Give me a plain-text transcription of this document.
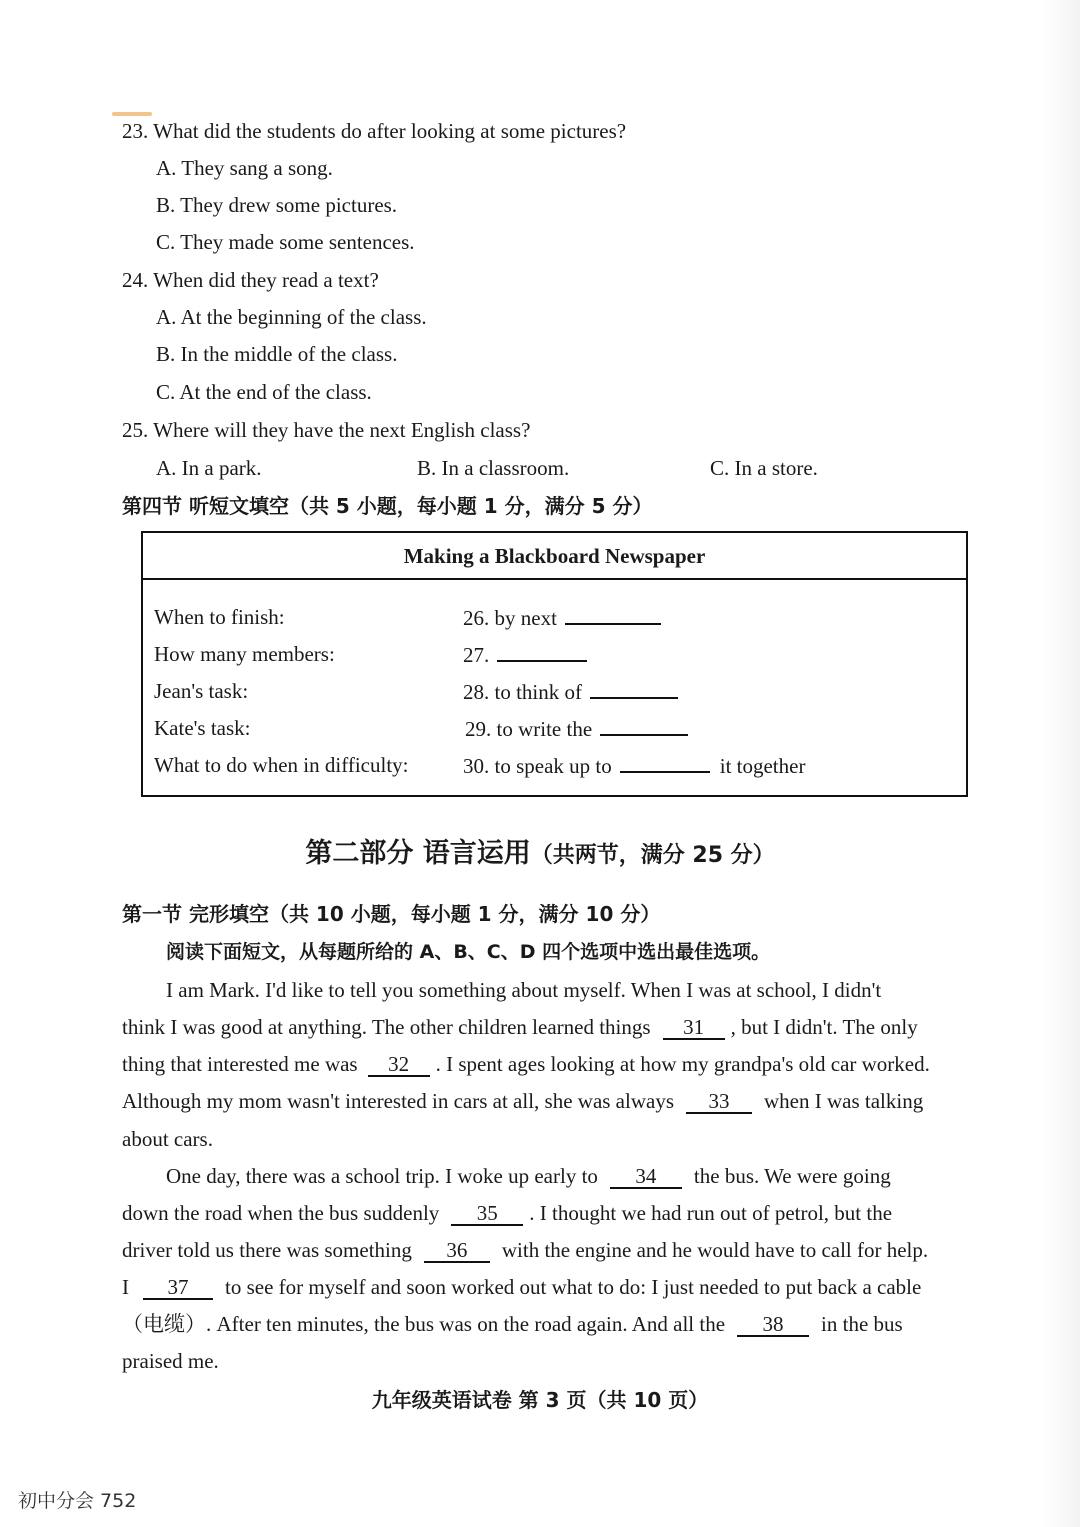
23. What did the students do after looking at some pictures?
A. They sang a song.
B. They drew some pictures.
C. They made some sentences.
24. When did they read a text?
A. At the beginning of the class.
B. In the middle of the class.
C. At the end of the class.
25. Where will they have the next English class?
A. In a park.	B. In a classroom.	C. In a store.
第四节 听短文填空（共 5 小题，每小题 1 分，满分 5 分）
Making a Blackboard Newspaper
When to finish:	26. by next
How many members:	27.
Jean's task:	28. to think of
Kate's task:	29. to write the
What to do when in difficulty:	30. to speak up to	it together
第二部分 语言运用（共两节，满分 25 分）
第一节 完形填空（共 10 小题，每小题 1 分，满分 10 分）
阅读下面短文，从每题所给的 A、B、C、D 四个选项中选出最佳选项。
I am Mark. I'd like to tell you something about myself. When I was at school, I didn't
think I was good at anything. The other children learned things 31 , but I didn't. The only
thing that interested me was 32 . I spent ages looking at how my grandpa's old car worked.
Although my mom wasn't interested in cars at all, she was always 33 when I was talking
about cars.
One day, there was a school trip. I woke up early to 34 the bus. We were going
down the road when the bus suddenly 35 . I thought we had run out of petrol, but the
driver told us there was something 36 with the engine and he would have to call for help.
I 37 to see for myself and soon worked out what to do: I just needed to put back a cable
（电缆）. After ten minutes, the bus was on the road again. And all the 38 in the bus
praised me.
九年级英语试卷 第 3 页（共 10 页）
初中分会 752
